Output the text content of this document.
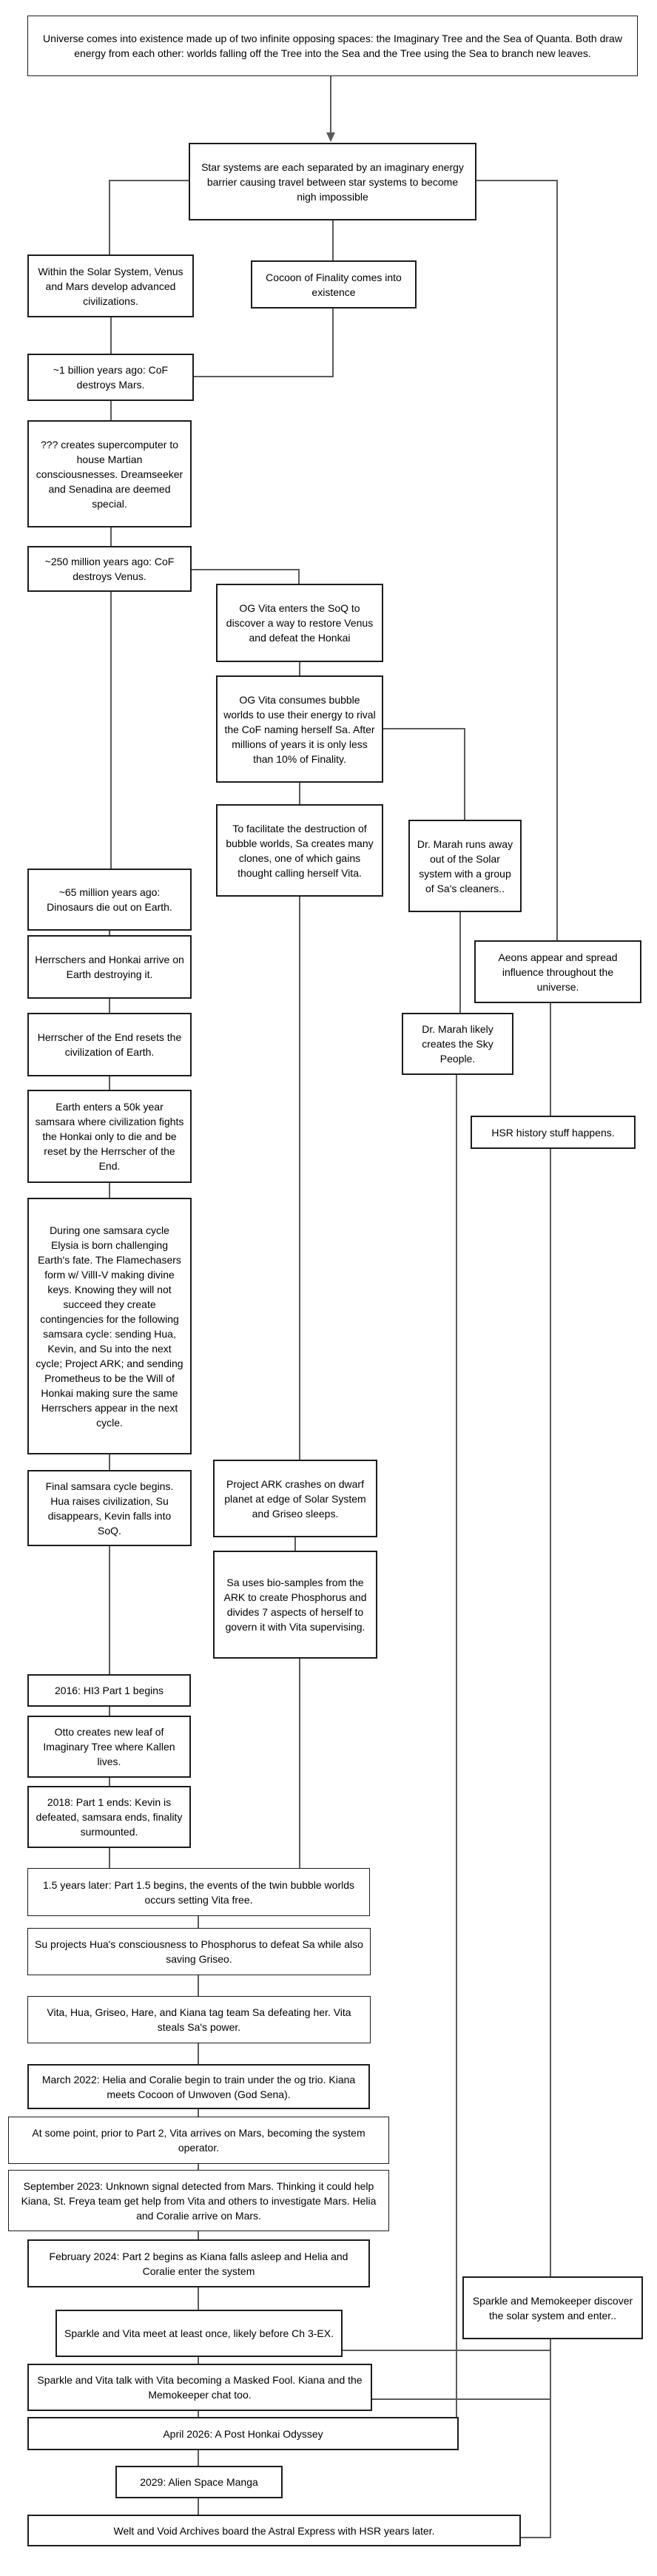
Universe comes into existence made up of two infinite opposing spaces: the Imaginary Tree and the Sea of Quanta. Both draw energy from each other: worlds falling off the Tree into the Sea and the Tree using the Sea to branch new leaves.
Star systems are each separated by an imaginary energy barrier causing travel between star systems to become nigh impossible
Within the Solar System, Venus and Mars develop advanced civilizations.
Cocoon of Finality comes into existence
~1 billion years ago: CoF destroys Mars.
??? creates supercomputer to house Martian consciousnesses. Dreamseeker and Senadina are deemed special.
~250 million years ago: CoF destroys Venus.
OG Vita enters the SoQ to discover a way to restore Venus and defeat the Honkai
OG Vita consumes bubble worlds to use their energy to rival the CoF naming herself Sa. After millions of years it is only less than 10% of Finality.
To facilitate the destruction of bubble worlds, Sa creates many clones, one of which gains thought calling herself Vita.
Dr. Marah runs away out of the Solar system with a group of Sa's cleaners..
Aeons appear and spread influence throughout the universe.
Dr. Marah likely creates the Sky People.
HSR history stuff happens.
~65 million years ago: Dinosaurs die out on Earth.
Herrschers and Honkai arrive on Earth destroying it.
Herrscher of the End resets the civilization of Earth.
Earth enters a 50k year samsara where civilization fights the Honkai only to die and be reset by the Herrscher of the End.
During one samsara cycle Elysia is born challenging Earth's fate. The Flamechasers form w/ VillI-V making divine keys. Knowing they will not succeed they create contingencies for the following samsara cycle: sending Hua, Kevin, and Su into the next cycle; Project ARK; and sending Prometheus to be the Will of Honkai making sure the same Herrschers appear in the next cycle.
Final samsara cycle begins. Hua raises civilization, Su disappears, Kevin falls into SoQ.
Project ARK crashes on dwarf planet at edge of Solar System and Griseo sleeps.
Sa uses bio-samples from the ARK to create Phosphorus and divides 7 aspects of herself to govern it with Vita supervising.
2016: HI3 Part 1 begins
Otto creates new leaf of Imaginary Tree where Kallen lives.
2018: Part 1 ends: Kevin is defeated, samsara ends, finality surmounted.
1.5 years later: Part 1.5 begins, the events of the twin bubble worlds occurs setting Vita free.
Su projects Hua's consciousness to Phosphorus to defeat Sa while also saving Griseo.
Vita, Hua, Griseo, Hare, and Kiana tag team Sa defeating her. Vita steals Sa's power.
March 2022: Helia and Coralie begin to train under the og trio. Kiana meets Cocoon of Unwoven (God Sena).
At some point, prior to Part 2, Vita arrives on Mars, becoming the system operator.
September 2023: Unknown signal detected from Mars. Thinking it could help Kiana, St. Freya team get help from Vita and others to investigate Mars. Helia and Coralie arrive on Mars.
February 2024: Part 2 begins as Kiana falls asleep and Helia and Coralie enter the system
Sparkle and Memokeeper discover the solar system and enter..
Sparkle and Vita meet at least once, likely before Ch 3-EX.
Sparkle and Vita talk with Vita becoming a Masked Fool. Kiana and the Memokeeper chat too.
April 2026: A Post Honkai Odyssey
2029: Alien Space Manga
Welt and Void Archives board the Astral Express with HSR years later.
